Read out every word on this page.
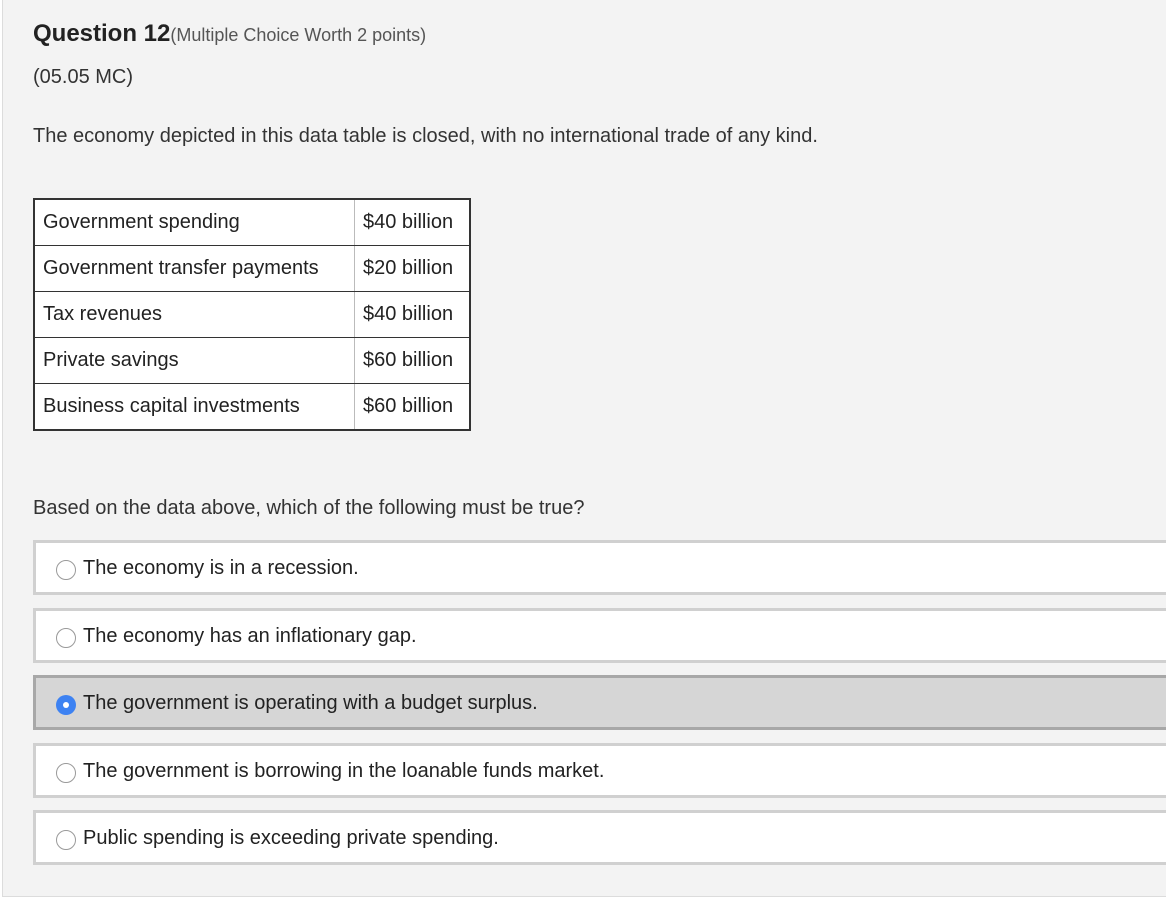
Question 12(Multiple Choice Worth 2 points)
(05.05 MC)
The economy depicted in this data table is closed, with no international trade of any kind.
Government spending	$40 billion
Government transfer payments	$20 billion
Tax revenues	$40 billion
Private savings	$60 billion
Business capital investments	$60 billion
Based on the data above, which of the following must be true?
The economy is in a recession.
The economy has an inflationary gap.
The government is operating with a budget surplus.
The government is borrowing in the loanable funds market.
Public spending is exceeding private spending.
